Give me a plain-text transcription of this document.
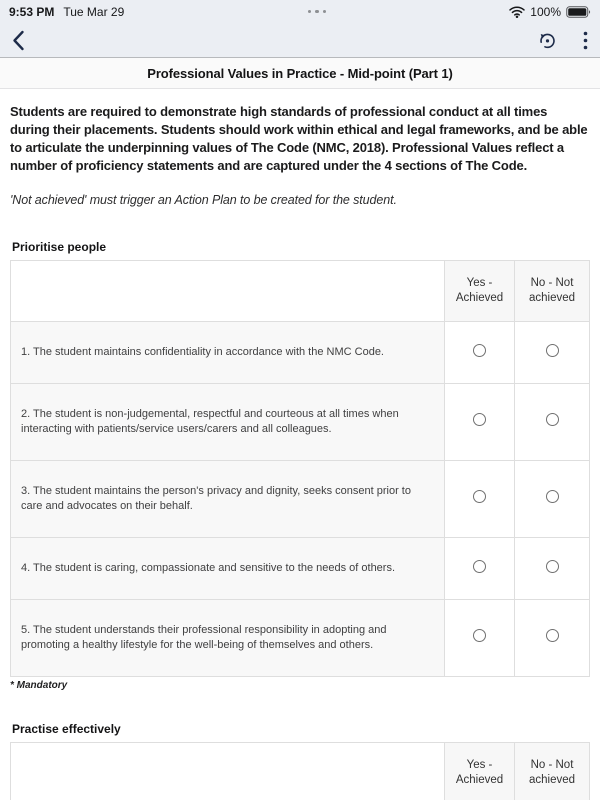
9:53 PM Tue Mar 29	100%
Professional Values in Practice - Mid-point (Part 1)

Students are required to demonstrate high standards of professional conduct at all times during their placements. Students should work within ethical and legal frameworks, and be able to articulate the underpinning values of The Code (NMC, 2018). Professional Values reflect a number of proficiency statements and are captured under the 4 sections of The Code.

'Not achieved' must trigger an Action Plan to be created for the student.

Prioritise people
	Yes - Achieved	No - Not achieved
1. The student maintains confidentiality in accordance with the NMC Code.		
2. The student is non-judgemental, respectful and courteous at all times when interacting with patients/service users/carers and all colleagues.		
3. The student maintains the person's privacy and dignity, seeks consent prior to care and advocates on their behalf.		
4. The student is caring, compassionate and sensitive to the needs of others.		
5. The student understands their professional responsibility in adopting and promoting a healthy lifestyle for the well-being of themselves and others.		

* Mandatory

Practise effectively
	Yes - Achieved	No - Not achieved
